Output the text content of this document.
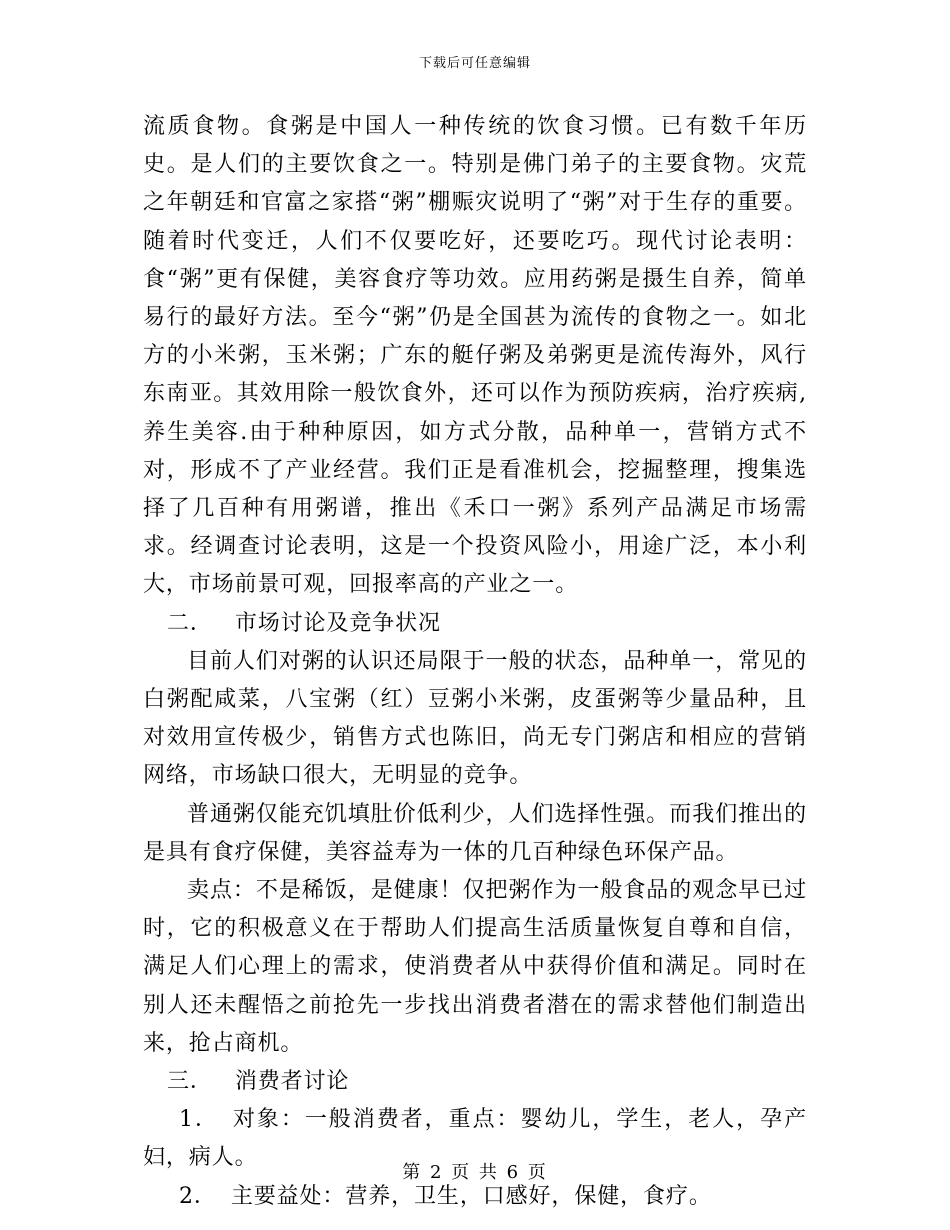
下载后可任意编辑

流质食物。食粥是中国人一种传统的饮食习惯。已有数千年历史。是人们的主要饮食之一。特别是佛门弟子的主要食物。灾荒之年朝廷和官富之家搭“粥”棚赈灾说明了“粥”对于生存的重要。随着时代变迁，人们不仅要吃好，还要吃巧。现代讨论表明：食“粥”更有保健，美容食疗等功效。应用药粥是摄生自养，简单易行的最好方法。至今“粥”仍是全国甚为流传的食物之一。如北方的小米粥，玉米粥；广东的艇仔粥及弟粥更是流传海外，风行东南亚。其效用除一般饮食外，还可以作为预防疾病，治疗疾病,养生美容.由于种种原因，如方式分散，品种单一，营销方式不对，形成不了产业经营。我们正是看准机会，挖掘整理，搜集选择了几百种有用粥谱，推出《禾口一粥》系列产品满足市场需求。经调查讨论表明，这是一个投资风险小，用途广泛，本小利大，市场前景可观，回报率高的产业之一。

二． 市场讨论及竞争状况

目前人们对粥的认识还局限于一般的状态，品种单一，常见的白粥配咸菜，八宝粥（红）豆粥小米粥，皮蛋粥等少量品种，且对效用宣传极少，销售方式也陈旧，尚无专门粥店和相应的营销网络，市场缺口很大，无明显的竞争。

普通粥仅能充饥填肚价低利少，人们选择性强。而我们推出的是具有食疗保健，美容益寿为一体的几百种绿色环保产品。

卖点：不是稀饭，是健康！仅把粥作为一般食品的观念早已过时，它的积极意义在于帮助人们提高生活质量恢复自尊和自信，满足人们心理上的需求，使消费者从中获得价值和满足。同时在别人还未醒悟之前抢先一步找出消费者潜在的需求替他们制造出来，抢占商机。

三． 消费者讨论

1． 对象：一般消费者，重点：婴幼儿，学生，老人，孕产妇，病人。

2． 主要益处：营养，卫生，口感好，保健，食疗。

第 2 页 共 6 页
